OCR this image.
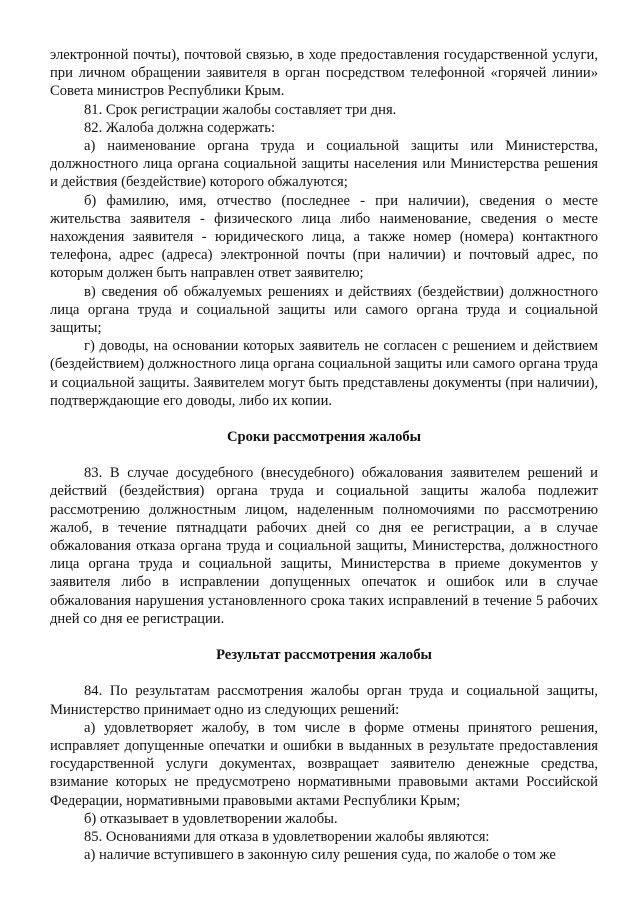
электронной почты), почтовой связью, в ходе предоставления государственной услуги, при личном обращении заявителя в орган посредством телефонной «горячей линии» Совета министров Республики Крым.

81. Срок регистрации жалобы составляет три дня.

82. Жалоба должна содержать:

а) наименование органа труда и социальной защиты или Министерства, должностного лица органа социальной защиты населения или Министерства решения и действия (бездействие) которого обжалуются;

б) фамилию, имя, отчество (последнее - при наличии), сведения о месте жительства заявителя - физического лица либо наименование, сведения о месте нахождения заявителя - юридического лица, а также номер (номера) контактного телефона, адрес (адреса) электронной почты (при наличии) и почтовый адрес, по которым должен быть направлен ответ заявителю;

в) сведения об обжалуемых решениях и действиях (бездействии) должностного лица органа труда и социальной защиты или самого органа труда и социальной защиты;

г) доводы, на основании которых заявитель не согласен с решением и действием (бездействием) должностного лица органа социальной защиты или самого органа труда и социальной защиты. Заявителем могут быть представлены документы (при наличии), подтверждающие его доводы, либо их копии.

Сроки рассмотрения жалобы

83. В случае досудебного (внесудебного) обжалования заявителем решений и действий (бездействия) органа труда и социальной защиты жалоба подлежит рассмотрению должностным лицом, наделенным полномочиями по рассмотрению жалоб, в течение пятнадцати рабочих дней со дня ее регистрации, а в случае обжалования отказа органа труда и социальной защиты, Министерства, должностного лица органа труда и социальной защиты, Министерства в приеме документов у заявителя либо в исправлении допущенных опечаток и ошибок или в случае обжалования нарушения установленного срока таких исправлений в течение 5 рабочих дней со дня ее регистрации.

Результат рассмотрения жалобы

84. По результатам рассмотрения жалобы орган труда и социальной защиты, Министерство принимает одно из следующих решений:

а) удовлетворяет жалобу, в том числе в форме отмены принятого решения, исправляет допущенные опечатки и ошибки в выданных в результате предоставления государственной услуги документах, возвращает заявителю денежные средства, взимание которых не предусмотрено нормативными правовыми актами Российской Федерации, нормативными правовыми актами Республики Крым;

б) отказывает в удовлетворении жалобы.

85. Основаниями для отказа в удовлетворении жалобы являются:

а) наличие вступившего в законную силу решения суда, по жалобе о том же
